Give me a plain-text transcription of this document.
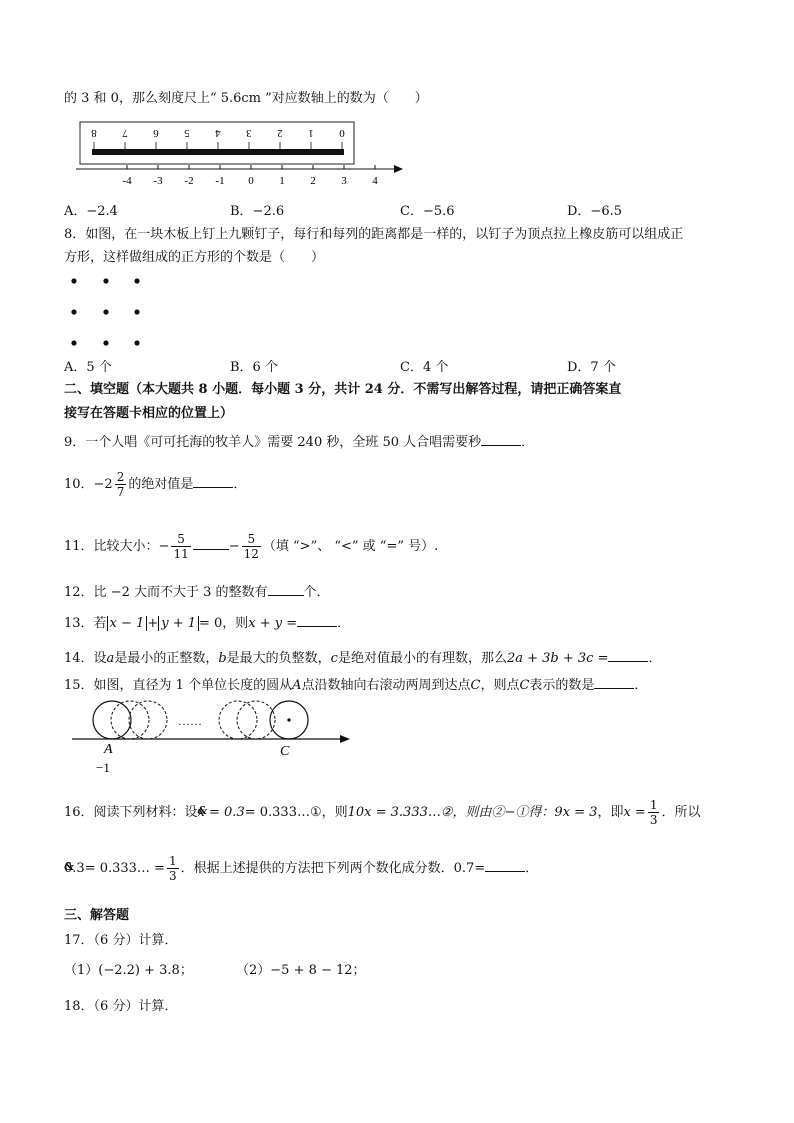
的 3 和 0，那么刻度尺上“ 5.6cm ”对应数轴上的数为（　　）
8 7 6 5 4 3 2 1 0
-4 -3 -2 -1 0 1 2 3 4
A．−2.4	B．−2.6	C．−5.6	D．−6.5
8．如图，在一块木板上钉上九颗钉子，每行和每列的距离都是一样的，以钉子为顶点拉上橡皮筋可以组成正
方形，这样做组成的正方形的个数是（　　）
A．5 个	B．6 个	C．4 个	D．7 个
二、填空题（本大题共 8 小题．每小题 3 分，共计 24 分．不需写出解答过程，请把正确答案直
接写在答题卡相应的位置上）
9．一个人唱《可可托海的牧羊人》需要 240 秒，全班 50 人合唱需要秒	．
10．$-2 \frac{2}{7}$ 的绝对值是	．
11．比较大小：− $\frac{5}{11}$	− $\frac{5}{12}$ （填 “>”、 “<” 或 “=” 号）.
12．比 −2 大而不大于 3 的整数有	个．
13．若 x − 1 + y + 1 = 0，则x + y =	．
14．设a是最小的正整数，b是最大的负整数，c是绝对值最小的有理数，那么2a + 3b + 3c =	．
15．如图，直径为 1 个单位长度的圆从A点沿数轴向右滚动两周到达点C，则点C表示的数是	．
……
A	C
−1
16．阅读下列材料：设& x = 0.3= 0.333…①，则10x = 3.333…②，则由②−①得：9x = 3，即$x = \frac{1}{3}$ ．所以
& 0.3= 0.333… = $\frac{1}{3}$ ．根据上述提供的方法把下列两个数化成分数．0.7=	．
三、解答题
17．（6 分）计算．
（1）(−2.2) + 3.8；	（2）−5 + 8 − 12；
18．（6 分）计算．
